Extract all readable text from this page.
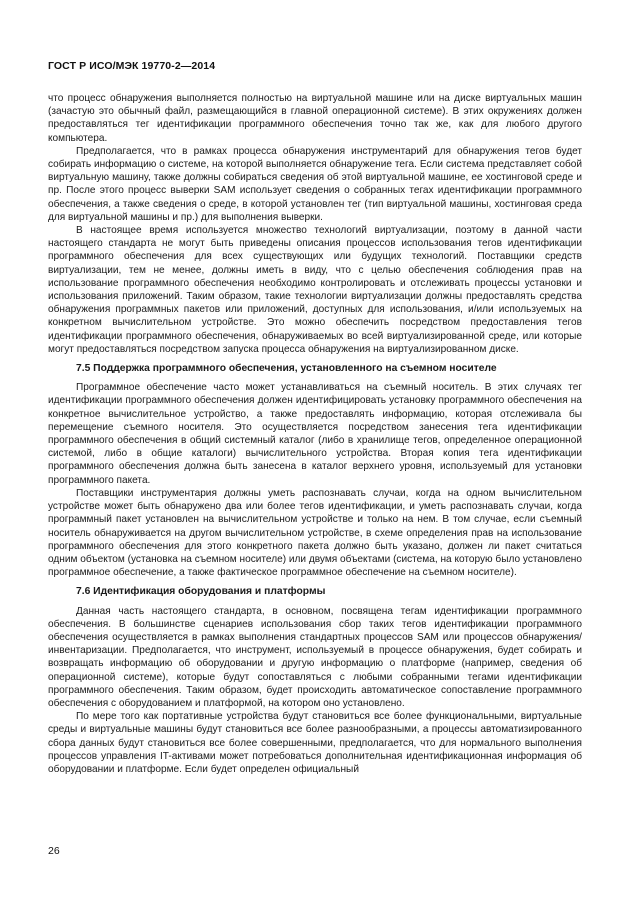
ГОСТ Р ИСО/МЭК 19770-2—2014

что процесс обнаружения выполняется полностью на виртуальной машине или на диске виртуальных машин (зачастую это обычный файл, размещающийся в главной операционной системе). В этих окружениях должен предоставляться тег идентификации программного обеспечения точно так же, как для любого другого компьютера.

Предполагается, что в рамках процесса обнаружения инструментарий для обнаружения тегов будет собирать информацию о системе, на которой выполняется обнаружение тега. Если система представляет собой виртуальную машину, также должны собираться сведения об этой виртуальной машине, ее хостинговой среде и пр. После этого процесс выверки SAM использует сведения о собранных тегах идентификации программного обеспечения, а также сведения о среде, в которой установлен тег (тип виртуальной машины, хостинговая среда для виртуальной машины и пр.) для выполнения выверки.

В настоящее время используется множество технологий виртуализации, поэтому в данной части настоящего стандарта не могут быть приведены описания процессов использования тегов идентификации программного обеспечения для всех существующих или будущих технологий. Поставщики средств виртуализации, тем не менее, должны иметь в виду, что с целью обеспечения соблюдения прав на использование программного обеспечения необходимо контролировать и отслеживать процессы установки и использования приложений. Таким образом, такие технологии виртуализации должны предоставлять средства обнаружения программных пакетов или приложений, доступных для использования, и/или используемых на конкретном вычислительном устройстве. Это можно обеспечить посредством предоставления тегов идентификации программного обеспечения, обнаруживаемых во всей виртуализированной среде, или которые могут предоставляться посредством запуска процесса обнаружения на виртуализированном диске.

7.5 Поддержка программного обеспечения, установленного на съемном носителе

Программное обеспечение часто может устанавливаться на съемный носитель. В этих случаях тег идентификации программного обеспечения должен идентифицировать установку программного обеспечения на конкретное вычислительное устройство, а также предоставлять информацию, которая отслеживала бы перемещение съемного носителя. Это осуществляется посредством занесения тега идентификации программного обеспечения в общий системный каталог (либо в хранилище тегов, определенное операционной системой, либо в общие каталоги) вычислительного устройства. Вторая копия тега идентификации программного обеспечения должна быть занесена в каталог верхнего уровня, используемый для установки программного пакета.

Поставщики инструментария должны уметь распознавать случаи, когда на одном вычислительном устройстве может быть обнаружено два или более тегов идентификации, и уметь распознавать случаи, когда программный пакет установлен на вычислительном устройстве и только на нем. В том случае, если съемный носитель обнаруживается на другом вычислительном устройстве, в схеме определения прав на использование программного обеспечения для этого конкретного пакета должно быть указано, должен ли пакет считаться одним объектом (установка на съемном носителе) или двумя объектами (система, на которую было установлено программное обеспечение, а также фактическое программное обеспечение на съемном носителе).

7.6 Идентификация оборудования и платформы

Данная часть настоящего стандарта, в основном, посвящена тегам идентификации программного обеспечения. В большинстве сценариев использования сбор таких тегов идентификации программного обеспечения осуществляется в рамках выполнения стандартных процессов SAM или процессов обнаружения/инвентаризации. Предполагается, что инструмент, используемый в процессе обнаружения, будет собирать и возвращать информацию об оборудовании и другую информацию о платформе (например, сведения об операционной системе), которые будут сопоставляться с любыми собранными тегами идентификации программного обеспечения. Таким образом, будет происходить автоматическое сопоставление программного обеспечения с оборудованием и платформой, на котором оно установлено.

По мере того как портативные устройства будут становиться все более функциональными, виртуальные среды и виртуальные машины будут становиться все более разнообразными, а процессы автоматизированного сбора данных будут становиться все более совершенными, предполагается, что для нормального выполнения процессов управления IT-активами может потребоваться дополнительная идентификационная информация об оборудовании и платформе. Если будет определен официальный

26
